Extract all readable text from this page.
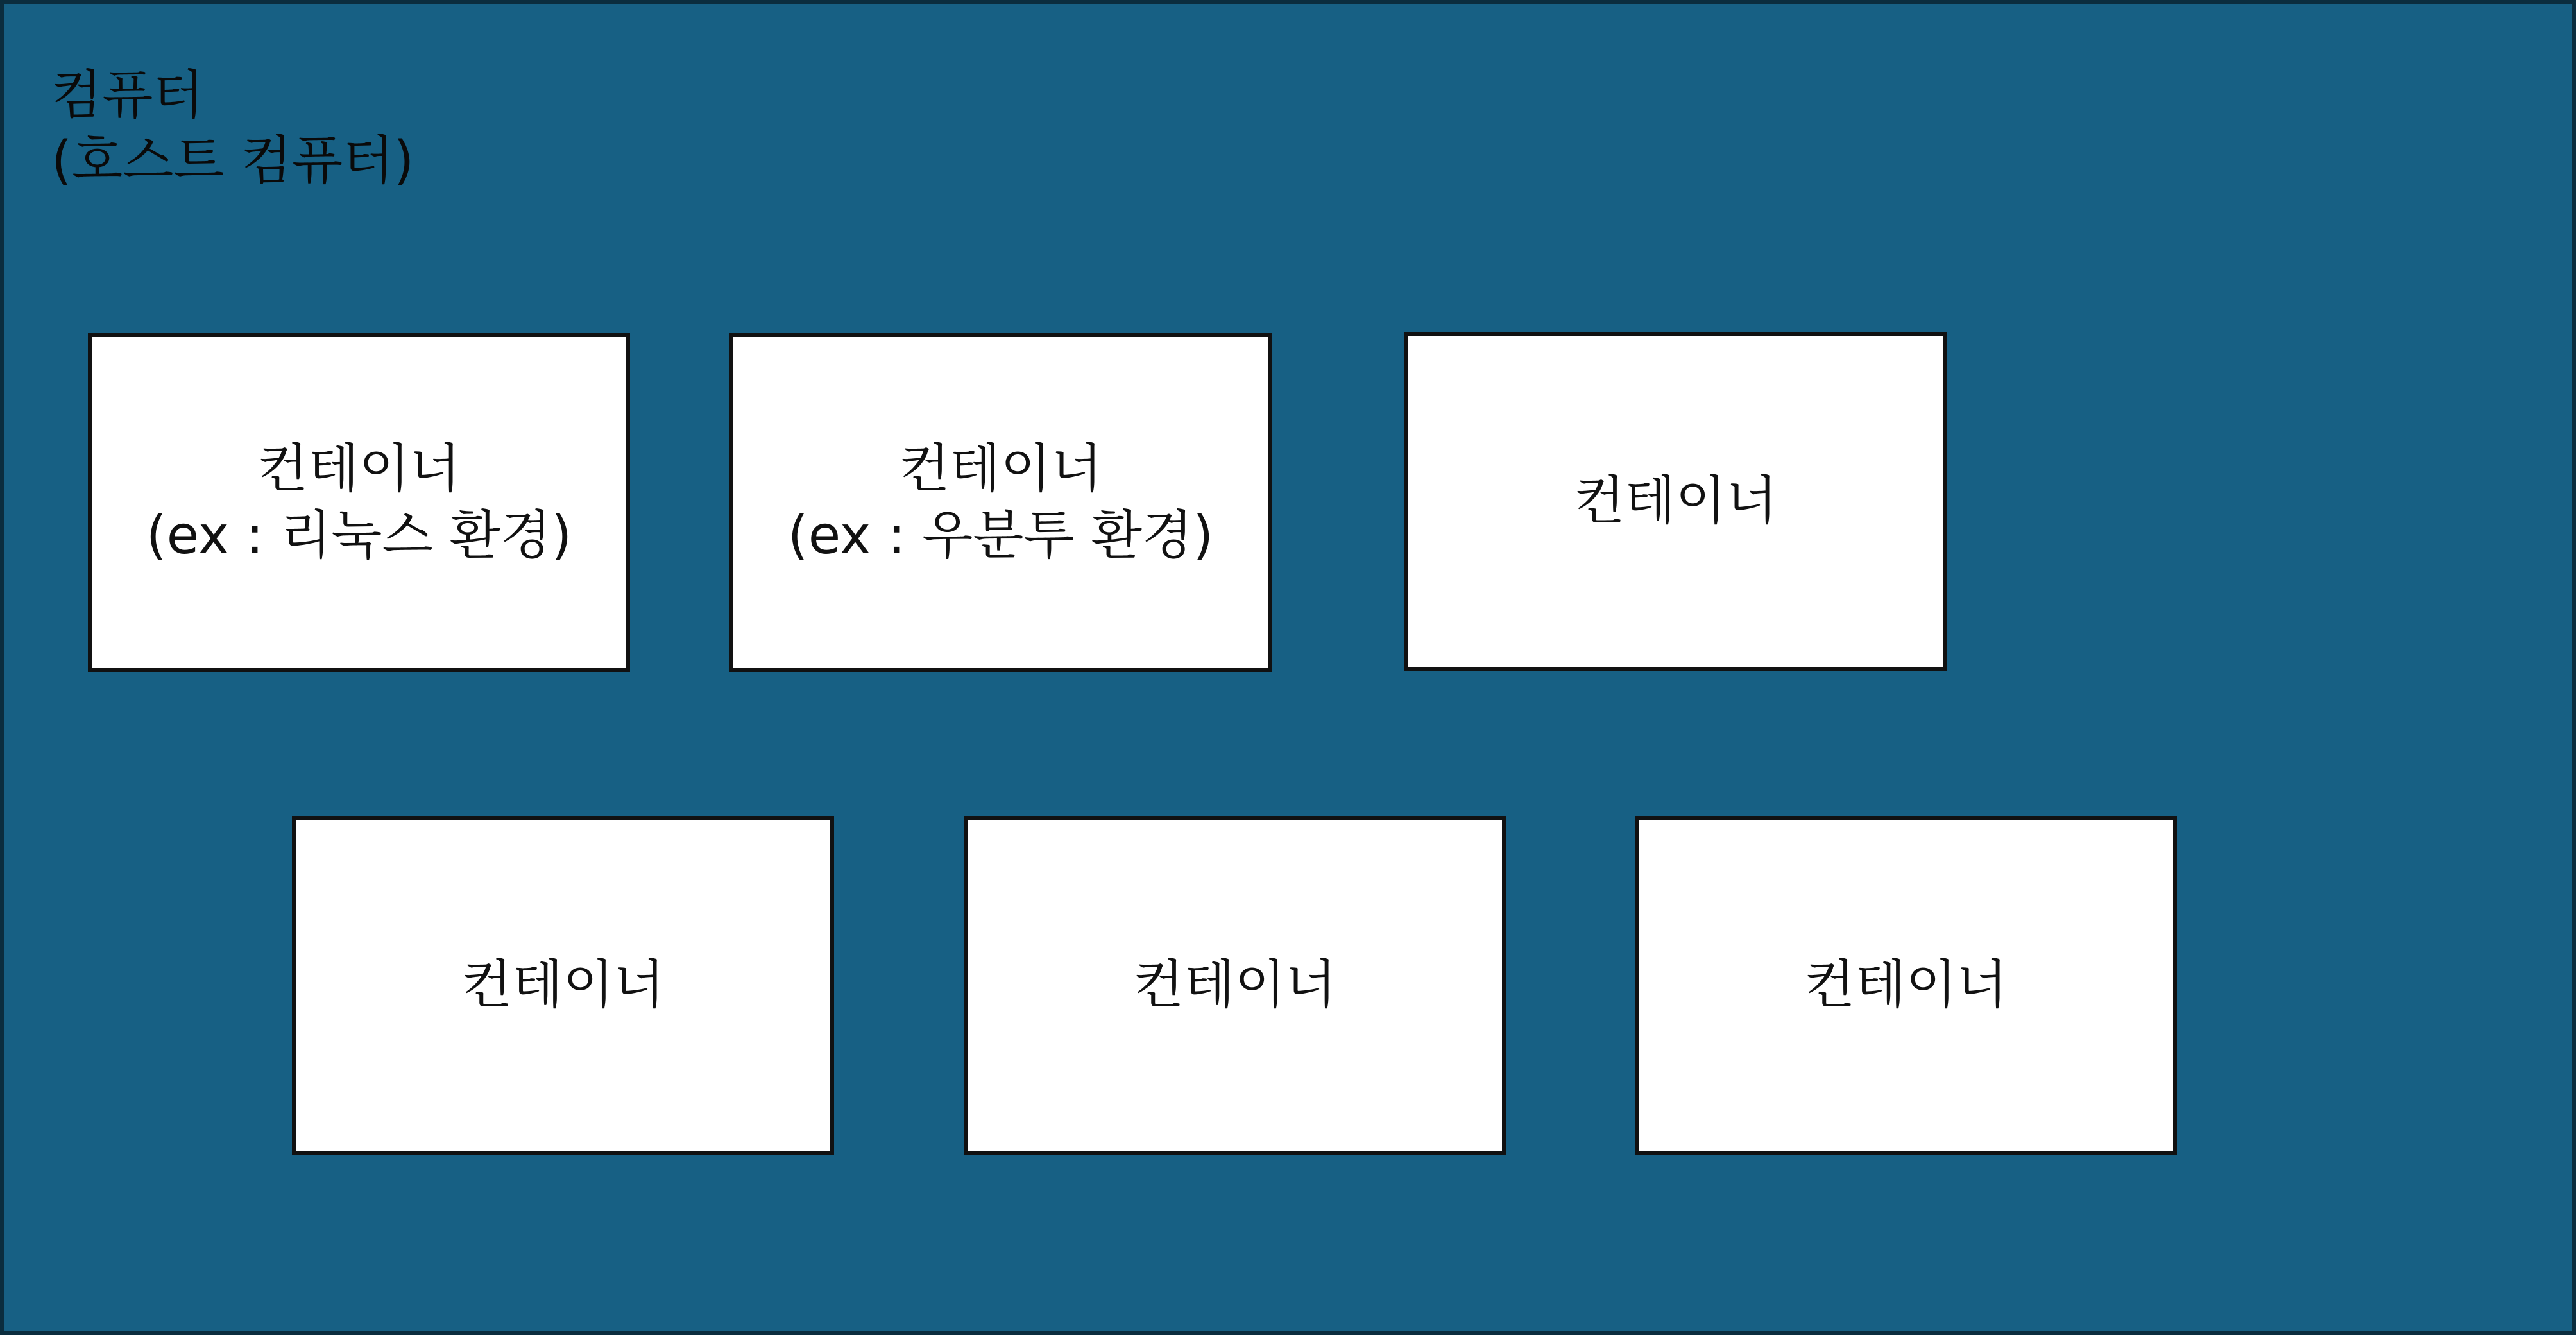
컴퓨터
(호스트 컴퓨터)
컨테이너
(ex : 리눅스 환경)
컨테이너
(ex : 우분투 환경)
컨테이너
컨테이너	컨테이너	컨테이너
